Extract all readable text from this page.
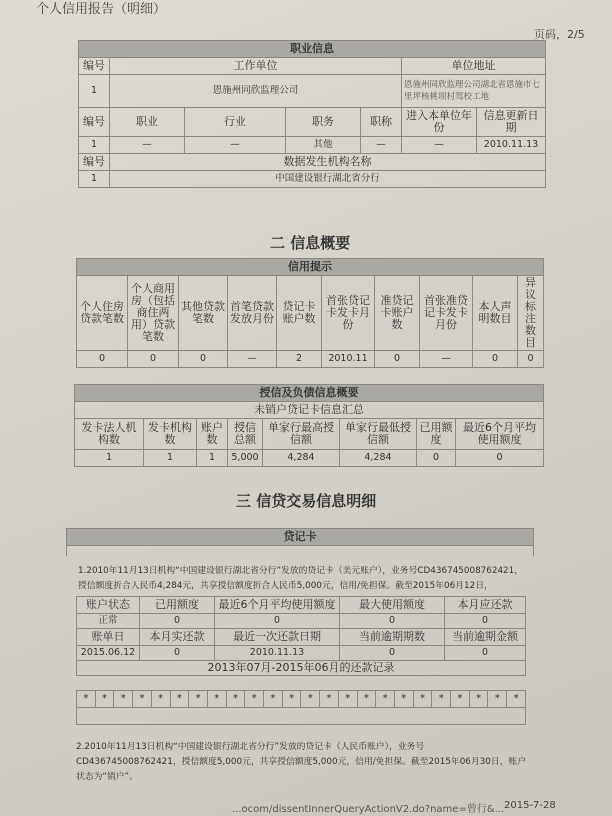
个人信用报告（明细）
页码，2/5
职业信息						
编号	工作单位				单位地址	
1	恩施州同欣监理公司				恩施州同欣监理公司湖北省恩施市七里坪核桃坝村驾校工地	
编号	职业	行业	职务	职称	进入本单位年份	信息更新日期
1	—	—	其他	—	—	2010.11.13
编号	数据发生机构名称					
1	中国建设银行湖北省分行					
二 信息概要
信用提示									
个人住房贷款笔数	个人商用房（包括商住两用）贷款笔数	其他贷款笔数	首笔贷款发放月份	贷记卡账户数	首张贷记卡发卡月份	准贷记卡账户数	首张准贷记卡发卡月份	本人声明数目	异议标注数目
0	0	0	—	2	2010.11	0	—	0	0
授信及负债信息概要							
未销户贷记卡信息汇总							
发卡法人机构数	发卡机构数	账户数	授信总额	单家行最高授信额	单家行最低授信额	已用额度	最近6个月平均使用额度
1	1	1	5,000	4,284	4,284	0	0
三 信贷交易信息明细
贷记卡

1.2010年11月13日机构“中国建设银行湖北省分行”发放的贷记卡（美元账户），业务号CD436745008762421，授信额度折合人民币4,284元，共享授信额度折合人民币5,000元，信用/免担保。截至2015年06月12日，
账户状态	已用额度	最近6个月平均使用额度	最大使用额度	本月应还款
正常	0	0	0	0
账单日	本月实还款	最近一次还款日期	当前逾期期数	当前逾期金额
2015.06.12	0	2010.11.13	0	0
2013年07月-2015年06月的还款记录				
*	*	*	*	*	*	*	*	*	*	*	*	*	*	*	*	*	*	*	*	*	*	*	*

2.2010年11月13日机构“中国建设银行湖北省分行”发放的贷记卡（人民币账户），业务号CD436745008762421，授信额度5,000元，共享授信额度5,000元，信用/免担保。截至2015年06月30日，账户状态为“销户”。
...ocom/dissentInnerQueryActionV2.do?name=曾行&... 2015-7-28
